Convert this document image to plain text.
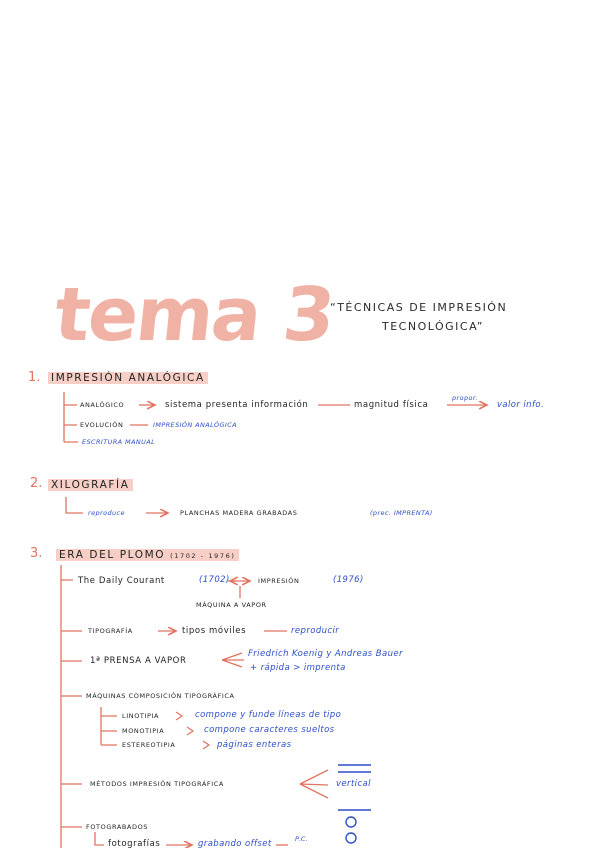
tema 3
“TÉCNICAS DE IMPRESIÓN
TECNOLÓGICA”
1. IMPRESIÓN ANALÓGICA
ANALÓGICO	sistema presenta información	magnitud física
propor.
valor info.
EVOLUCIÓN	IMPRESIÓN ANALÓGICA
ESCRITURA MANUAL
2. XILOGRAFÍA
reproduce	PLANCHAS MADERA GRABADAS	(prec. IMPRENTA)
3. ERA DEL PLOMO (1702 - 1976)
The Daily Courant	(1702)	IMPRESIÓN	(1976)
MÁQUINA A VAPOR
TIPOGRAFÍA	tipos móviles	reproducir
1ª PRENSA A VAPOR
Friedrich Koenig y Andreas Bauer
+ rápida > imprenta
MÁQUINAS COMPOSICIÓN TIPOGRÁFICA
LINOTIPIA	compone y funde líneas de tipo
MONOTIPIA	compone caracteres sueltos
ESTEREOTIPIA	páginas enteras
MÉTODOS IMPRESIÓN TIPOGRÁFICA	vertical
FOTOGRABADOS
fotografías	grabando offset	P.C.
